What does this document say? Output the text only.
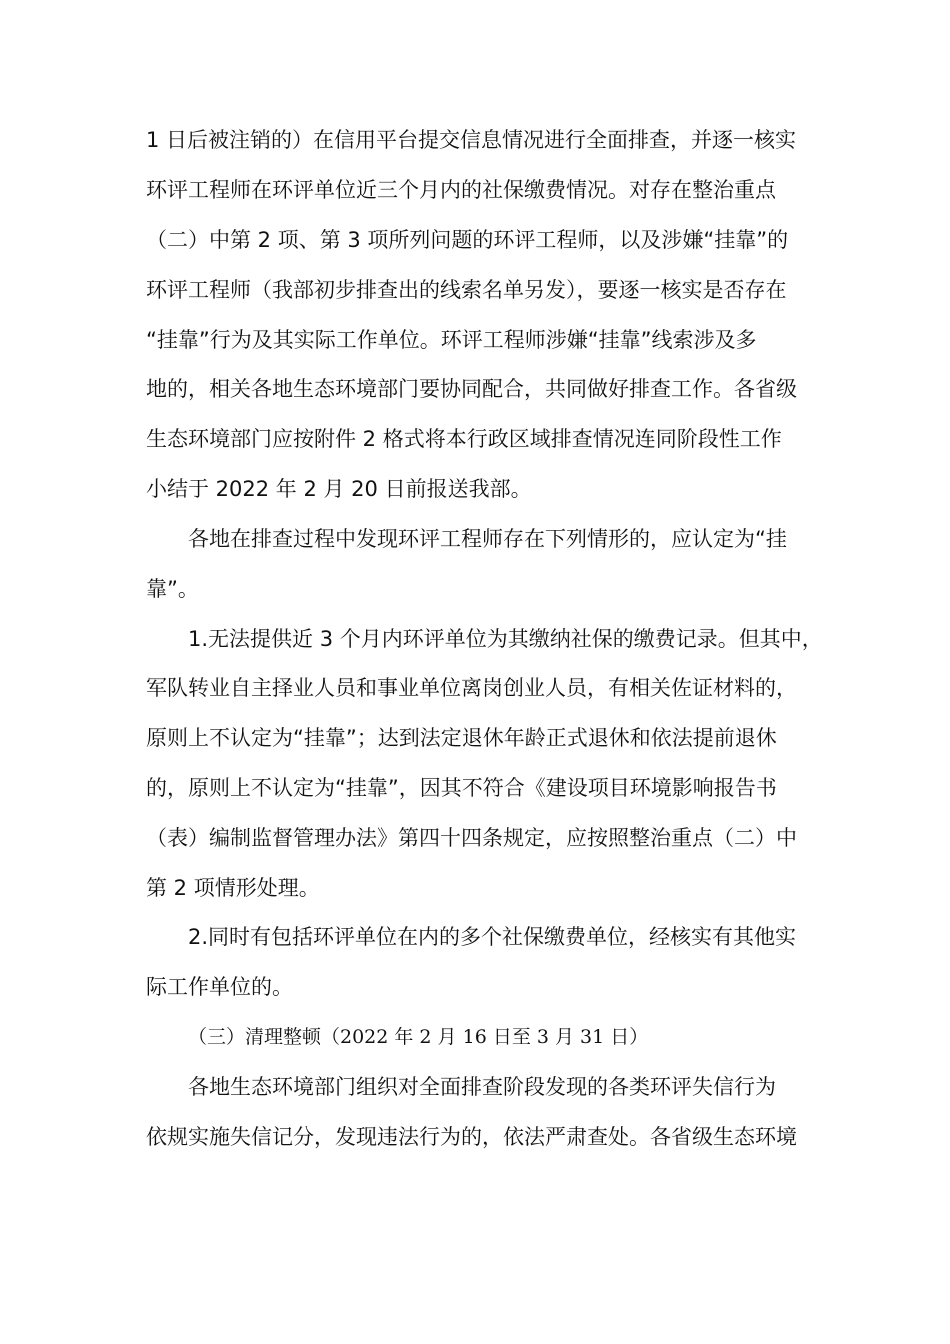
1 日后被注销的）在信用平台提交信息情况进行全面排查，并逐一核实
环评工程师在环评单位近三个月内的社保缴费情况。对存在整治重点
（二）中第 2 项、第 3 项所列问题的环评工程师，以及涉嫌“挂靠”的
环评工程师（我部初步排查出的线索名单另发），要逐一核实是否存在
“挂靠”行为及其实际工作单位。环评工程师涉嫌“挂靠”线索涉及多
地的，相关各地生态环境部门要协同配合，共同做好排查工作。各省级
生态环境部门应按附件 2 格式将本行政区域排查情况连同阶段性工作
小结于 2022 年 2 月 20 日前报送我部。
各地在排查过程中发现环评工程师存在下列情形的，应认定为“挂
靠”。
1.无法提供近 3 个月内环评单位为其缴纳社保的缴费记录。但其中，
军队转业自主择业人员和事业单位离岗创业人员，有相关佐证材料的，
原则上不认定为“挂靠”；达到法定退休年龄正式退休和依法提前退休
的，原则上不认定为“挂靠”，因其不符合《建设项目环境影响报告书
（表）编制监督管理办法》第四十四条规定，应按照整治重点（二）中
第 2 项情形处理。
2.同时有包括环评单位在内的多个社保缴费单位，经核实有其他实
际工作单位的。
（三）清理整顿（2022 年 2 月 16 日至 3 月 31 日）
各地生态环境部门组织对全面排查阶段发现的各类环评失信行为
依规实施失信记分，发现违法行为的，依法严肃查处。各省级生态环境
